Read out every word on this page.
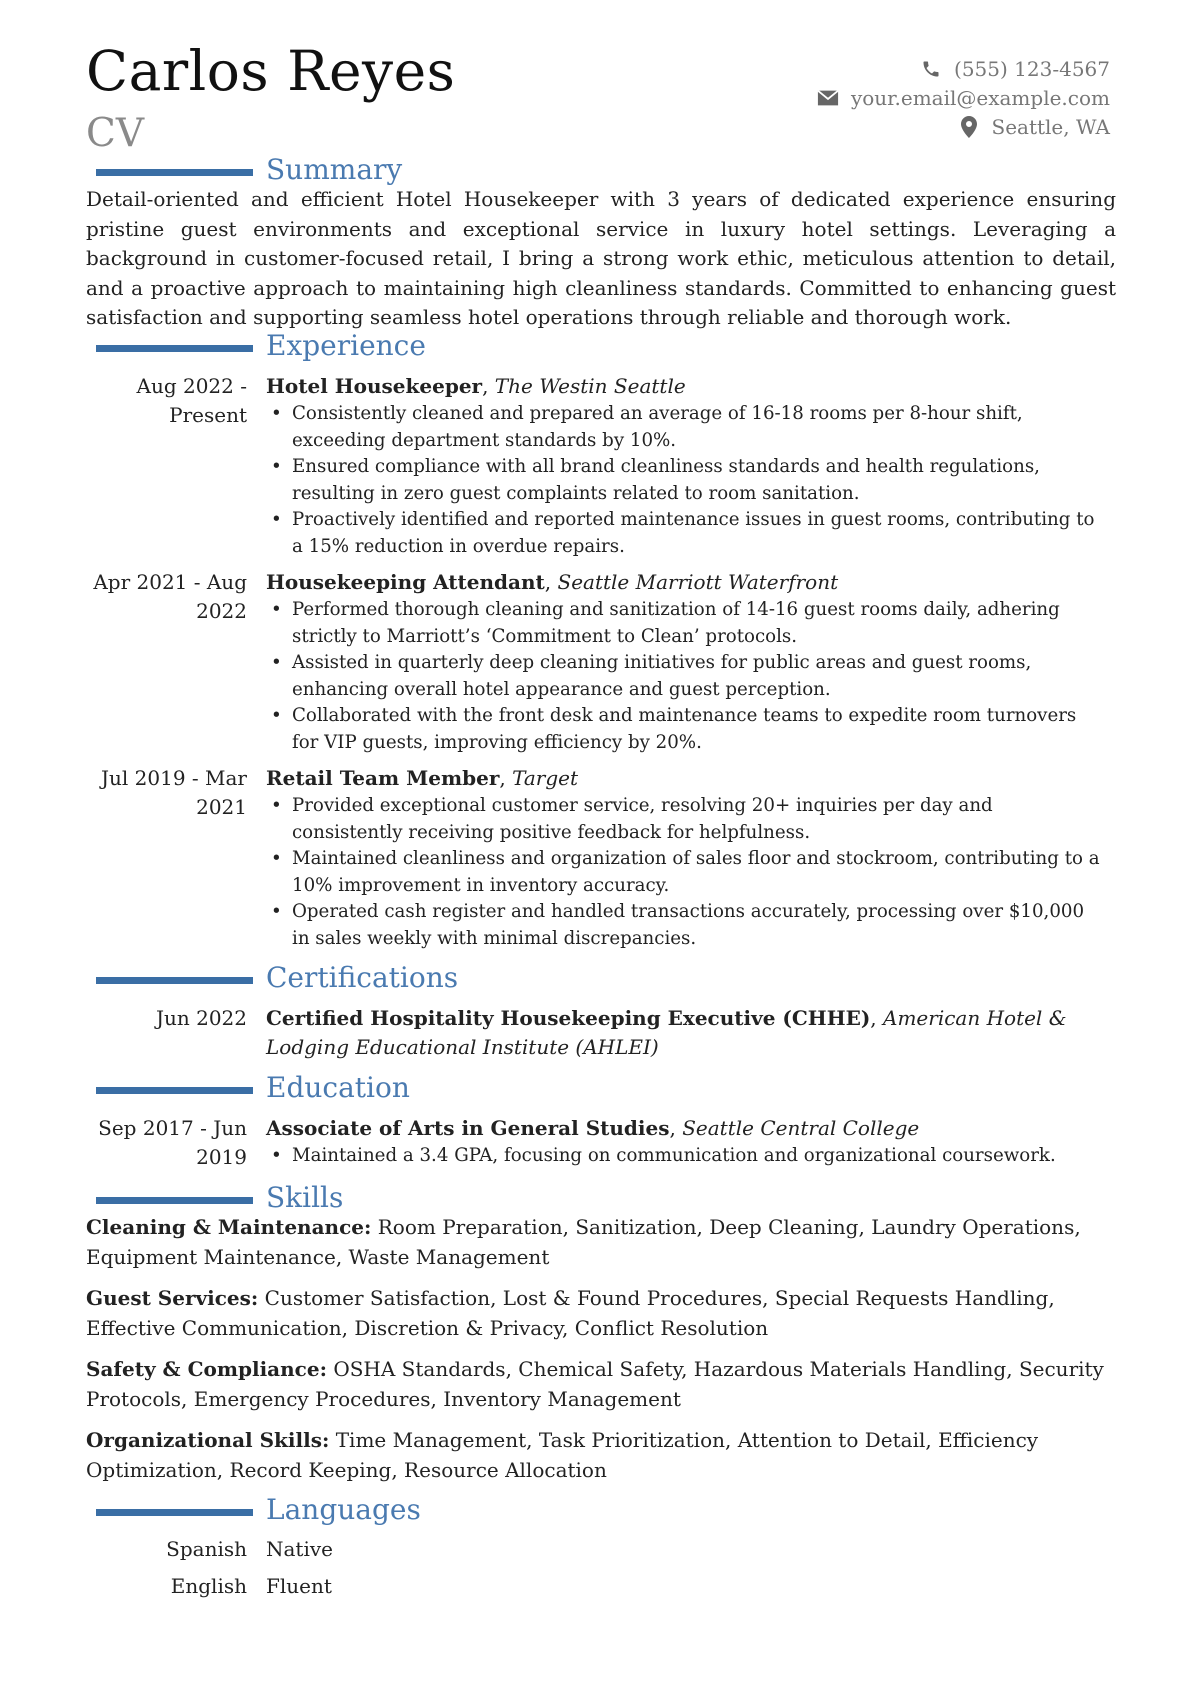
Carlos Reyes
CV
(555) 123-4567
your.email@example.com
Seattle, WA
Summary
Detail-oriented and efficient Hotel Housekeeper with 3 years of dedicated experience ensuring pristine guest environments and exceptional service in luxury hotel settings. Leveraging a background in customer-focused retail, I bring a strong work ethic, meticulous attention to detail, and a proactive approach to maintaining high cleanliness standards. Committed to enhancing guest satisfaction and supporting seamless hotel operations through reliable and thorough work.
Experience
Aug 2022 - Present
Hotel Housekeeper, The Westin Seattle
• Consistently cleaned and prepared an average of 16-18 rooms per 8-hour shift, exceeding department standards by 10%.
• Ensured compliance with all brand cleanliness standards and health regulations, resulting in zero guest complaints related to room sanitation.
• Proactively identified and reported maintenance issues in guest rooms, contributing to a 15% reduction in overdue repairs.
Apr 2021 - Aug 2022
Housekeeping Attendant, Seattle Marriott Waterfront
• Performed thorough cleaning and sanitization of 14-16 guest rooms daily, adhering strictly to Marriott’s ‘Commitment to Clean’ protocols.
• Assisted in quarterly deep cleaning initiatives for public areas and guest rooms, enhancing overall hotel appearance and guest perception.
• Collaborated with the front desk and maintenance teams to expedite room turnovers for VIP guests, improving efficiency by 20%.
Jul 2019 - Mar 2021
Retail Team Member, Target
• Provided exceptional customer service, resolving 20+ inquiries per day and consistently receiving positive feedback for helpfulness.
• Maintained cleanliness and organization of sales floor and stockroom, contributing to a 10% improvement in inventory accuracy.
• Operated cash register and handled transactions accurately, processing over $10,000 in sales weekly with minimal discrepancies.
Certifications
Jun 2022 Certified Hospitality Housekeeping Executive (CHHE), American Hotel & Lodging Educational Institute (AHLEI)
Education
Sep 2017 - Jun 2019
Associate of Arts in General Studies, Seattle Central College
• Maintained a 3.4 GPA, focusing on communication and organizational coursework.
Skills
Cleaning & Maintenance: Room Preparation, Sanitization, Deep Cleaning, Laundry Operations, Equipment Maintenance, Waste Management
Guest Services: Customer Satisfaction, Lost & Found Procedures, Special Requests Handling, Effective Communication, Discretion & Privacy, Conflict Resolution
Safety & Compliance: OSHA Standards, Chemical Safety, Hazardous Materials Handling, Security Protocols, Emergency Procedures, Inventory Management
Organizational Skills: Time Management, Task Prioritization, Attention to Detail, Efficiency Optimization, Record Keeping, Resource Allocation
Languages
Spanish Native
English Fluent
